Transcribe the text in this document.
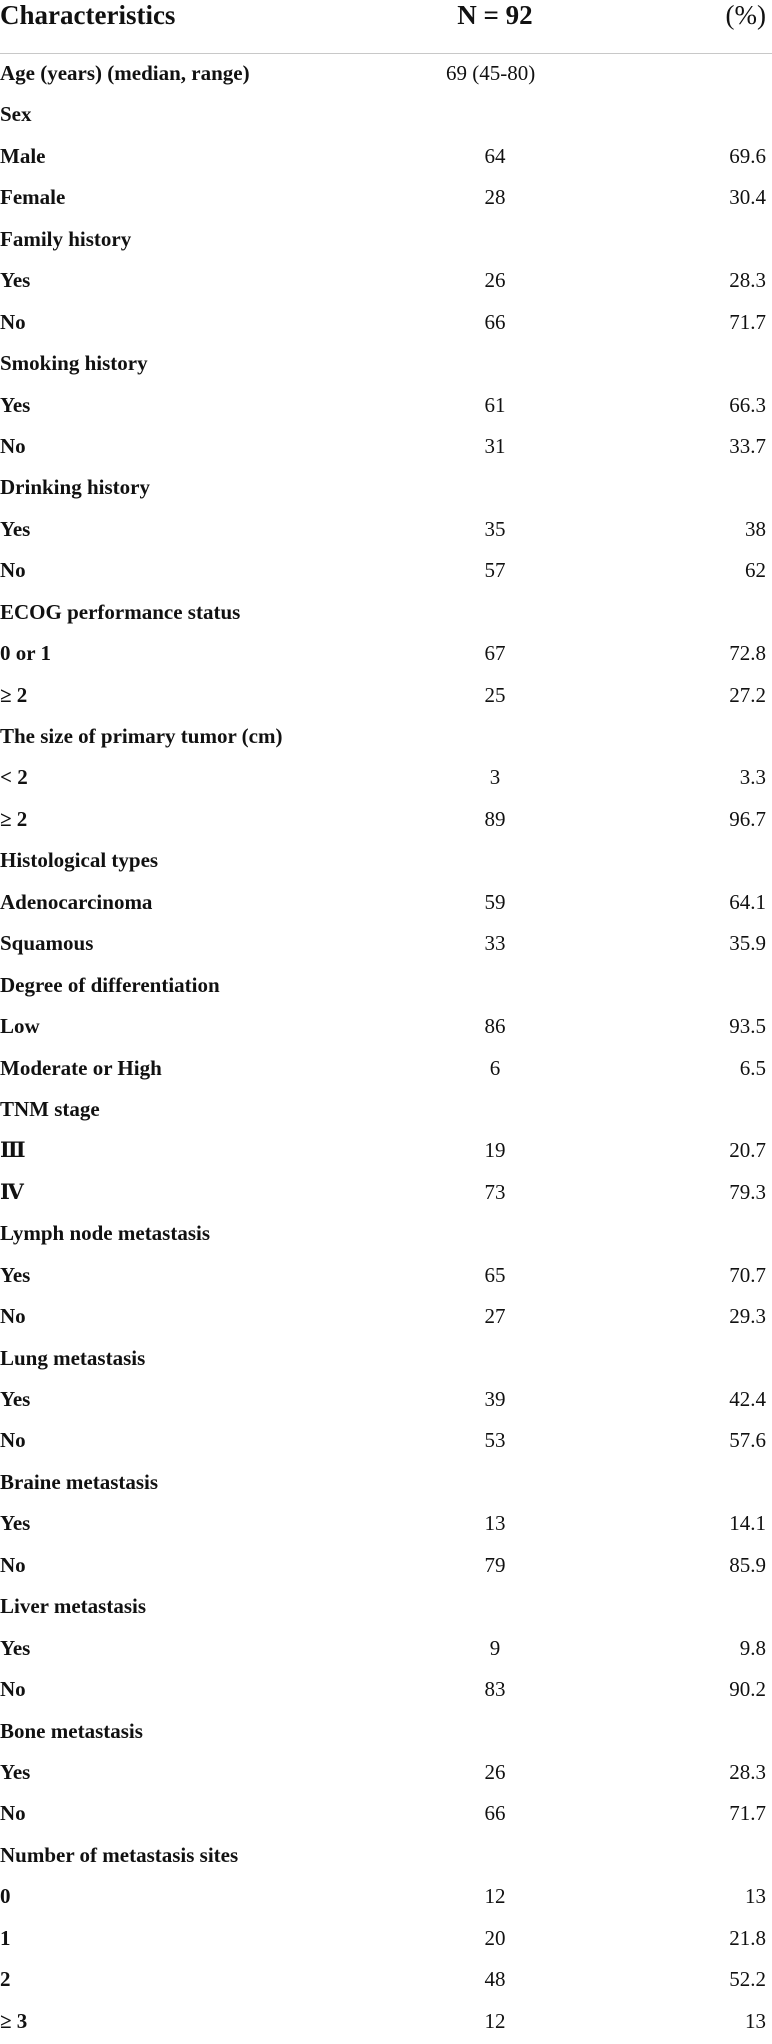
Characteristics	N = 92	(%)
Age (years) (median, range)	69 (45-80)
Sex
Male	64	69.6
Female	28	30.4
Family history
Yes	26	28.3
No	66	71.7
Smoking history
Yes	61	66.3
No	31	33.7
Drinking history
Yes	35	38
No	57	62
ECOG performance status
0 or 1	67	72.8
≥ 2	25	27.2
The size of primary tumor (cm)
< 2	3	3.3
≥ 2	89	96.7
Histological types
Adenocarcinoma	59	64.1
Squamous	33	35.9
Degree of differentiation
Low	86	93.5
Moderate or High	6	6.5
TNM stage
Ⅲ	19	20.7
Ⅳ	73	79.3
Lymph node metastasis
Yes	65	70.7
No	27	29.3
Lung metastasis
Yes	39	42.4
No	53	57.6
Braine metastasis
Yes	13	14.1
No	79	85.9
Liver metastasis
Yes	9	9.8
No	83	90.2
Bone metastasis
Yes	26	28.3
No	66	71.7
Number of metastasis sites
0	12	13
1	20	21.8
2	48	52.2
≥ 3	12	13
